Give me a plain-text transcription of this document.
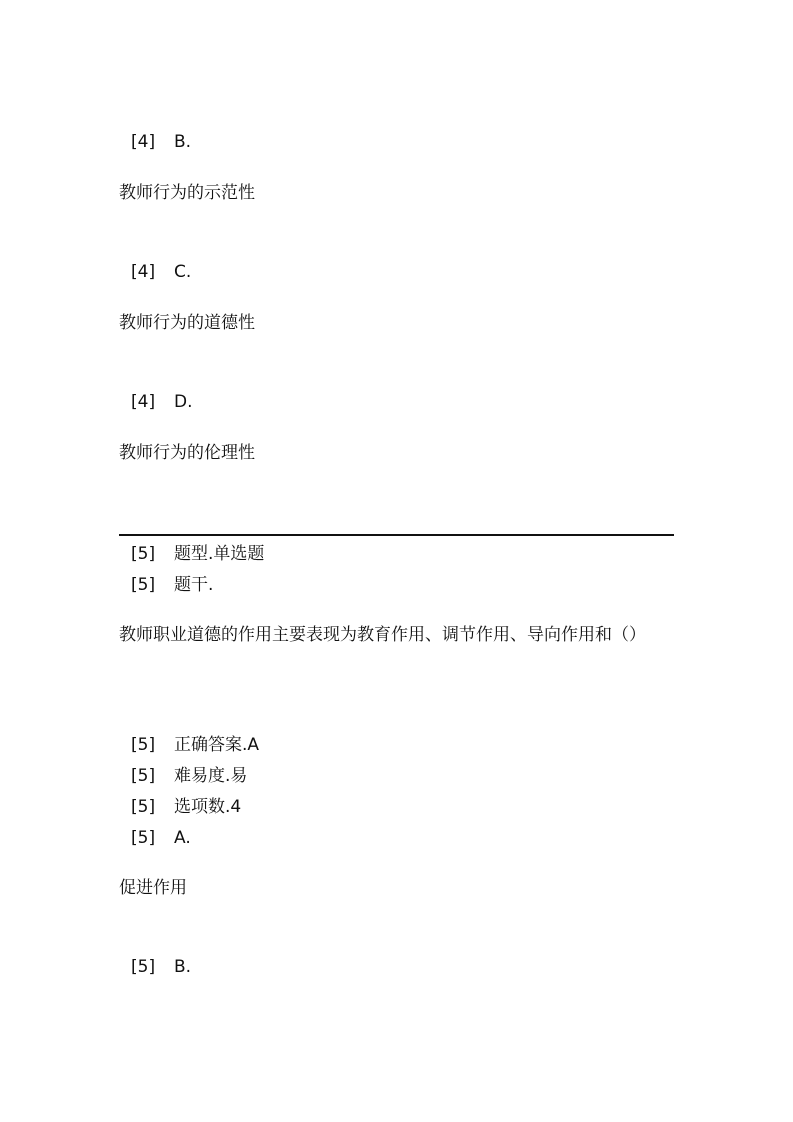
[4] B.
教师行为的示范性
[4] C.
教师行为的道德性
[4] D.
教师行为的伦理性
[5] 题型.单选题
[5] 题干.
教师职业道德的作用主要表现为教育作用、调节作用、导向作用和（）
[5] 正确答案.A
[5] 难易度.易
[5] 选项数.4
[5] A.
促进作用
[5] B.
